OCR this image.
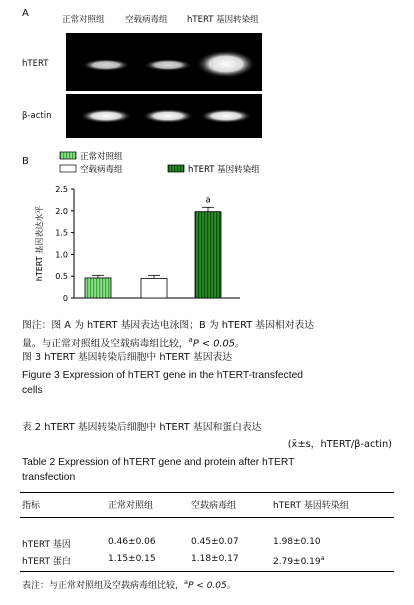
A
正常对照组 空载病毒组 hTERT 基因转染组
hTERT
β-actin
B
0
0.5
1.0
1.5
2.0
2.5
hTERT 基因表达水平
a
正常对照组
空载病毒组	hTERT 基因转染组
图注：图 A 为 hTERT 基因表达电泳图；B 为 hTERT 基因相对表达
量。与正常对照组及空载病毒组比较，$^a$P < 0.05。
图 3 hTERT 基因转染后细胞中 hTERT 基因表达
Figure 3 Expression of hTERT gene in the hTERT-transfected
cells
表 2 hTERT 基因转染后细胞中 hTERT 基因和蛋白表达
(x̄±s，hTERT/β-actin)
Table 2 Expression of hTERT gene and protein after hTERT
transfection
指标	正常对照组	空载病毒组	hTERT 基因转染组
hTERT 基因	0.46±0.06	0.45±0.07	1.98±0.10
hTERT 蛋白	1.15±0.15	1.18±0.17	2.79±0.19$^a$
表注：与正常对照组及空载病毒组比较，$^a$P < 0.05。
